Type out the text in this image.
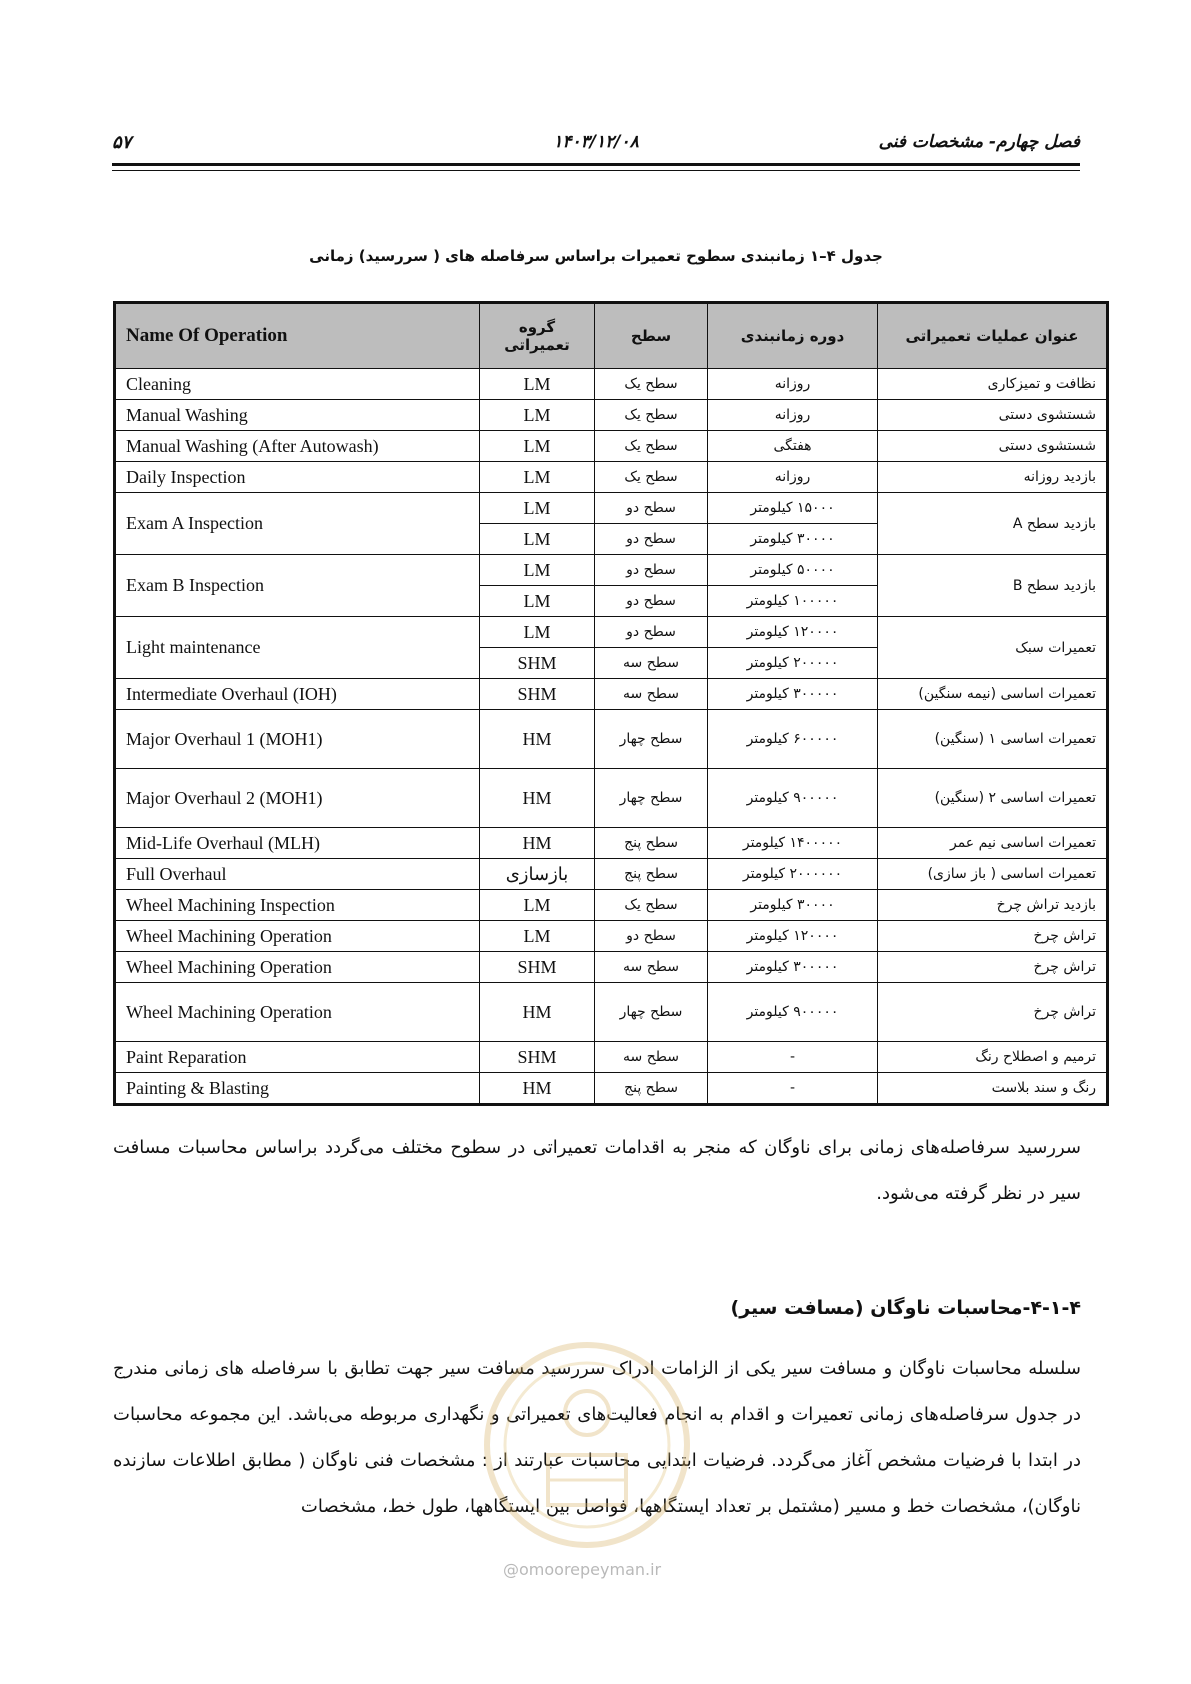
۵۷	۱۴۰۳/۱۲/۰۸	فصل چهارم- مشخصات فنی
جدول ۴–۱ زمانبندی سطوح تعمیرات براساس سرفاصله های ( سررسید) زمانی
Name Of Operation	گروه تعمیراتی	سطح	دوره زمانبندی	عنوان عملیات تعمیراتی
Cleaning	LM	سطح یک	روزانه	نظافت و تمیزکاری
Manual Washing	LM	سطح یک	روزانه	شستشوی دستی
Manual Washing (After Autowash)	LM	سطح یک	هفتگی	شستشوی دستی
Daily Inspection	LM	سطح یک	روزانه	بازدید روزانه
Exam A Inspection	LM	سطح دو	۱۵۰۰۰ کیلومتر	بازدید سطح A
	LM	سطح دو	۳۰۰۰۰ کیلومتر	
Exam B Inspection	LM	سطح دو	۵۰۰۰۰ کیلومتر	بازدید سطح B
	LM	سطح دو	۱۰۰۰۰۰ کیلومتر	
Light maintenance	LM	سطح دو	۱۲۰۰۰۰ کیلومتر	تعمیرات سبک
	SHM	سطح سه	۲۰۰۰۰۰ کیلومتر	
Intermediate Overhaul (IOH)	SHM	سطح سه	۳۰۰۰۰۰ کیلومتر	تعمیرات اساسی (نیمه سنگین)
Major Overhaul 1 (MOH1)	HM	سطح چهار	۶۰۰۰۰۰ کیلومتر	تعمیرات اساسی ۱ (سنگین)
Major Overhaul 2 (MOH1)	HM	سطح چهار	۹۰۰۰۰۰ کیلومتر	تعمیرات اساسی ۲ (سنگین)
Mid-Life Overhaul (MLH)	HM	سطح پنج	۱۴۰۰۰۰۰ کیلومتر	تعمیرات اساسی نیم عمر
Full Overhaul	بازسازی	سطح پنج	۲۰۰۰۰۰۰ کیلومتر	تعمیرات اساسی ( باز سازی)
Wheel Machining Inspection	LM	سطح یک	۳۰۰۰۰ کیلومتر	بازدید تراش چرخ
Wheel Machining Operation	LM	سطح دو	۱۲۰۰۰۰ کیلومتر	تراش چرخ
Wheel Machining Operation	SHM	سطح سه	۳۰۰۰۰۰ کیلومتر	تراش چرخ
Wheel Machining Operation	HM	سطح چهار	۹۰۰۰۰۰ کیلومتر	تراش چرخ
Paint Reparation	SHM	سطح سه	-	ترمیم و اصطلاح رنگ
Painting & Blasting	HM	سطح پنج	-	رنگ و سند بلاست
سررسید سرفاصله‌های زمانی برای ناوگان که منجر به اقدامات تعمیراتی در سطوح مختلف می‌گردد براساس محاسبات مسافت سیر در نظر گرفته می‌شود.
۴-۱-۴-محاسبات ناوگان (مسافت سیر)
سلسله محاسبات ناوگان و مسافت سیر یکی از الزامات ادراک سررسید مسافت سیر جهت تطابق با سرفاصله های زمانی مندرج در جدول سرفاصله‌های زمانی تعمیرات و اقدام به انجام فعالیت‌های تعمیراتی و نگهداری مربوطه می‌باشد. این مجموعه محاسبات در ابتدا با فرضیات مشخص آغاز می‌گردد. فرضیات ابتدایی محاسبات عبارتند از : مشخصات فنی ناوگان ( مطابق اطلاعات سازنده ناوگان)، مشخصات خط و مسیر (مشتمل بر تعداد ایستگاهها، فواصل بین ایستگاهها، طول خط، مشخصات
@omoorepeyman.ir
